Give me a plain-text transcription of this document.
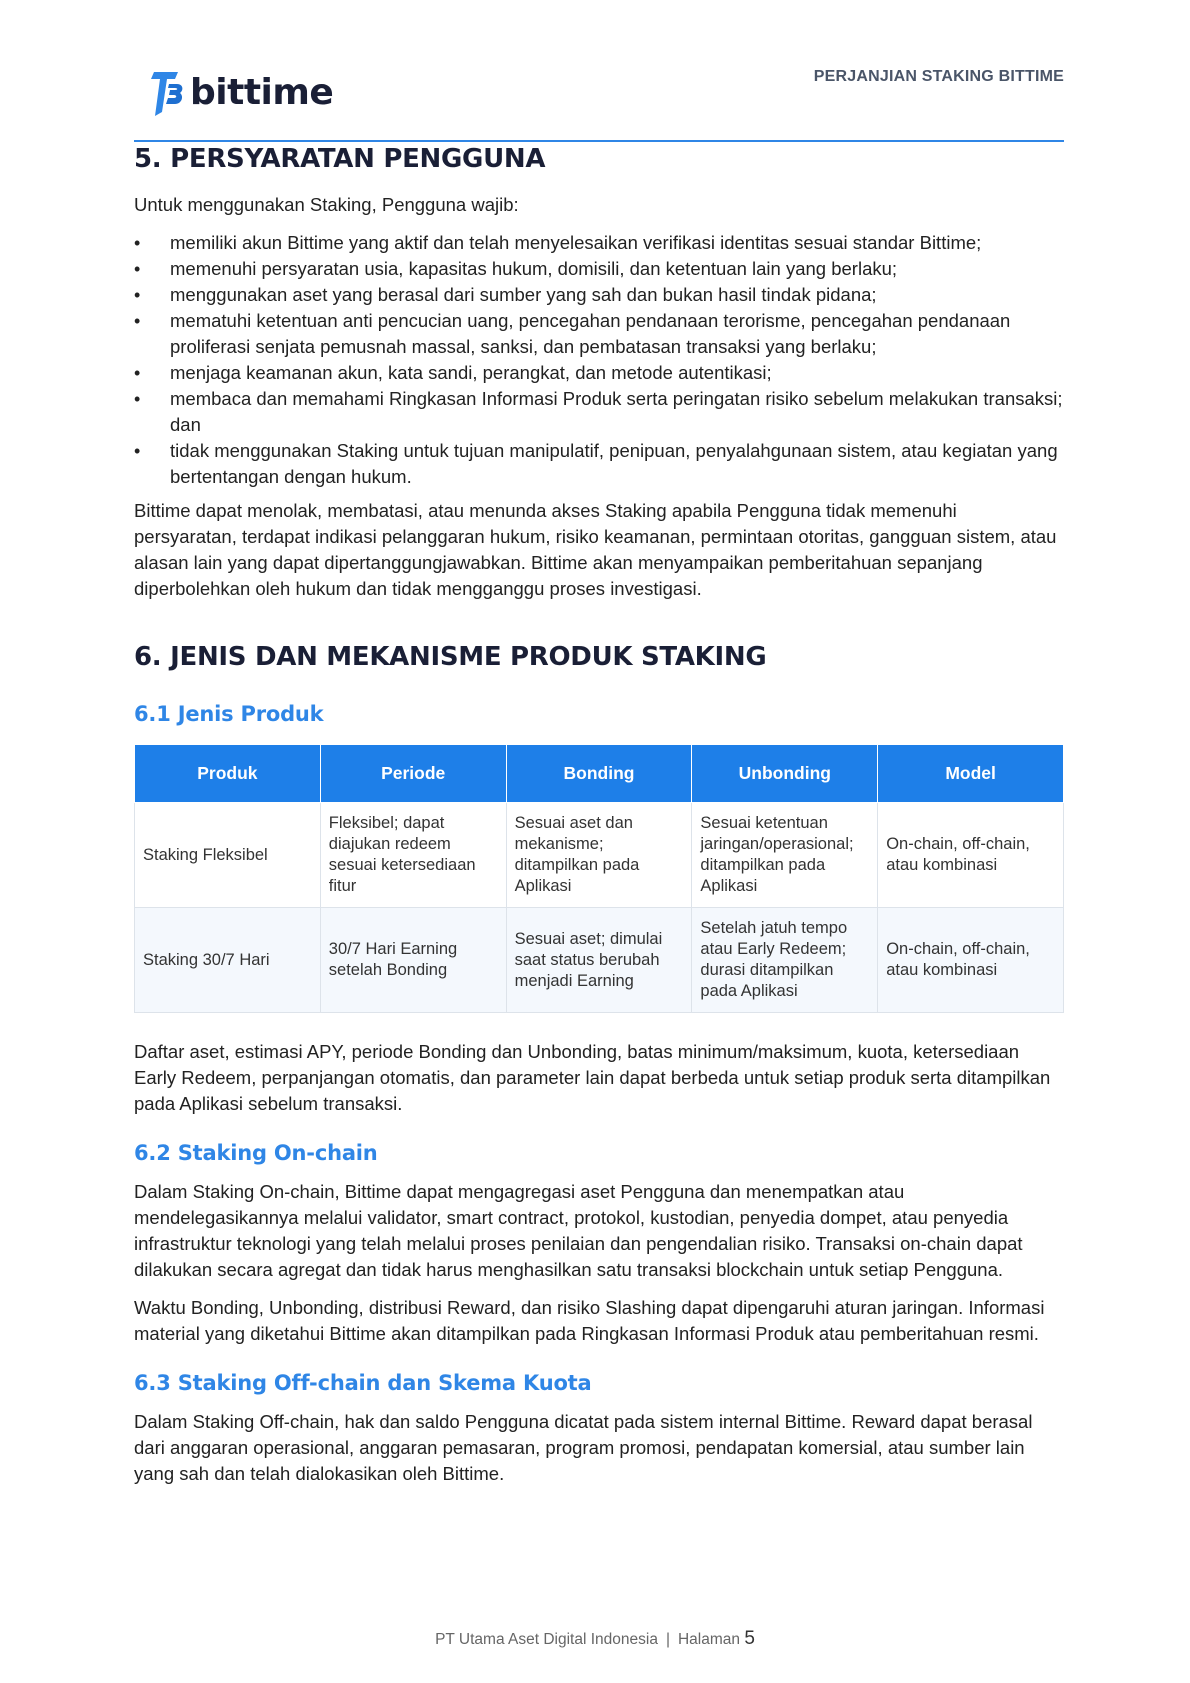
bittime	PERJANJIAN STAKING BITTIME
5. PERSYARATAN PENGGUNA

Untuk menggunakan Staking, Pengguna wajib:

• memiliki akun Bittime yang aktif dan telah menyelesaikan verifikasi identitas sesuai standar Bittime;
• memenuhi persyaratan usia, kapasitas hukum, domisili, dan ketentuan lain yang berlaku;
• menggunakan aset yang berasal dari sumber yang sah dan bukan hasil tindak pidana;
• mematuhi ketentuan anti pencucian uang, pencegahan pendanaan terorisme, pencegahan pendanaan proliferasi senjata pemusnah massal, sanksi, dan pembatasan transaksi yang berlaku;
• menjaga keamanan akun, kata sandi, perangkat, dan metode autentikasi;
• membaca dan memahami Ringkasan Informasi Produk serta peringatan risiko sebelum melakukan transaksi; dan
• tidak menggunakan Staking untuk tujuan manipulatif, penipuan, penyalahgunaan sistem, atau kegiatan yang bertentangan dengan hukum.

Bittime dapat menolak, membatasi, atau menunda akses Staking apabila Pengguna tidak memenuhi persyaratan, terdapat indikasi pelanggaran hukum, risiko keamanan, permintaan otoritas, gangguan sistem, atau alasan lain yang dapat dipertanggungjawabkan. Bittime akan menyampaikan pemberitahuan sepanjang diperbolehkan oleh hukum dan tidak mengganggu proses investigasi.

6. JENIS DAN MEKANISME PRODUK STAKING
6.1 Jenis Produk
Produk	Periode	Bonding	Unbonding	Model
Staking Fleksibel	Fleksibel; dapat diajukan redeem sesuai ketersediaan fitur	Sesuai aset dan mekanisme; ditampilkan pada Aplikasi	Sesuai ketentuan jaringan/operasional; ditampilkan pada Aplikasi	On-chain, off-chain, atau kombinasi
Staking 30/7 Hari	30/7 Hari Earning setelah Bonding	Sesuai aset; dimulai saat status berubah menjadi Earning	Setelah jatuh tempo atau Early Redeem; durasi ditampilkan pada Aplikasi	On-chain, off-chain, atau kombinasi

Daftar aset, estimasi APY, periode Bonding dan Unbonding, batas minimum/maksimum, kuota, ketersediaan Early Redeem, perpanjangan otomatis, dan parameter lain dapat berbeda untuk setiap produk serta ditampilkan pada Aplikasi sebelum transaksi.

6.2 Staking On-chain

Dalam Staking On-chain, Bittime dapat mengagregasi aset Pengguna dan menempatkan atau mendelegasikannya melalui validator, smart contract, protokol, kustodian, penyedia dompet, atau penyedia infrastruktur teknologi yang telah melalui proses penilaian dan pengendalian risiko. Transaksi on-chain dapat dilakukan secara agregat dan tidak harus menghasilkan satu transaksi blockchain untuk setiap Pengguna.

Waktu Bonding, Unbonding, distribusi Reward, dan risiko Slashing dapat dipengaruhi aturan jaringan. Informasi material yang diketahui Bittime akan ditampilkan pada Ringkasan Informasi Produk atau pemberitahuan resmi.

6.3 Staking Off-chain dan Skema Kuota

Dalam Staking Off-chain, hak dan saldo Pengguna dicatat pada sistem internal Bittime. Reward dapat berasal dari anggaran operasional, anggaran pemasaran, program promosi, pendapatan komersial, atau sumber lain yang sah dan telah dialokasikan oleh Bittime.

PT Utama Aset Digital Indonesia | Halaman 5
